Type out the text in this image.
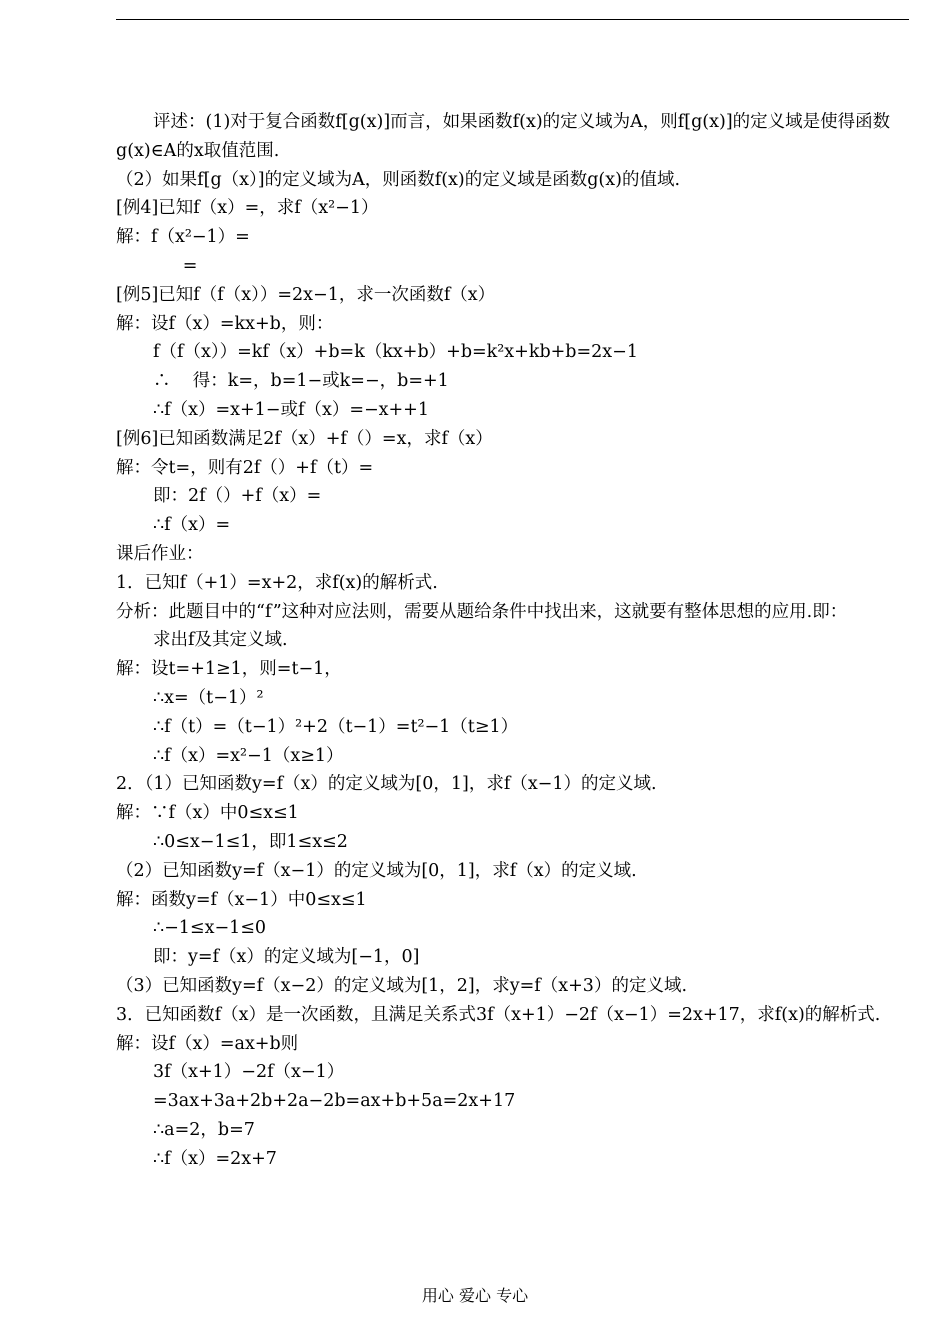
评述：(1)对于复合函数f[g(x)]而言，如果函数f(x)的定义域为A，则f[g(x)]的定义域是使得函数g(x)∈A的x取值范围.
（2）如果f[g（x）]的定义域为A，则函数f(x)的定义域是函数g(x)的值域.
[例4]已知f（x）=，求f（x²−1）
解：f（x²−1）=
=
[例5]已知f（f（x））=2x−1，求一次函数f（x）
解：设f（x）=kx+b，则：
f（f（x））=kf（x）+b=k（kx+b）+b=k²x+kb+b=2x−1
∴    得：k=，b=1−或k=−，b=+1
∴f（x）=x+1−或f（x）=−x++1
[例6]已知函数满足2f（x）+f（）=x，求f（x）
解：令t=，则有2f（）+f（t）=
即：2f（）+f（x）=
∴f（x）=
课后作业：
1．已知f（+1）=x+2，求f(x)的解析式.
分析：此题目中的“f”这种对应法则，需要从题给条件中找出来，这就要有整体思想的应用.即：
求出f及其定义域.
解：设t=+1≥1，则=t−1，
∴x=（t−1）²
∴f（t）=（t−1）²+2（t−1）=t²−1（t≥1）
∴f（x）=x²−1（x≥1）
2．（1）已知函数y=f（x）的定义域为[0，1]，求f（x−1）的定义域.
解：∵f（x）中0≤x≤1
∴0≤x−1≤1，即1≤x≤2
（2）已知函数y=f（x−1）的定义域为[0，1]，求f（x）的定义域.
解：函数y=f（x−1）中0≤x≤1
∴−1≤x−1≤0
即：y=f（x）的定义域为[−1，0]
（3）已知函数y=f（x−2）的定义域为[1，2]，求y=f（x+3）的定义域.
3．已知函数f（x）是一次函数，且满足关系式3f（x+1）−2f（x−1）=2x+17，求f(x)的解析式.
解：设f（x）=ax+b则
3f（x+1）−2f（x−1）
=3ax+3a+2b+2a−2b=ax+b+5a=2x+17
∴a=2，b=7
∴f（x）=2x+7
用心 爱心 专心
